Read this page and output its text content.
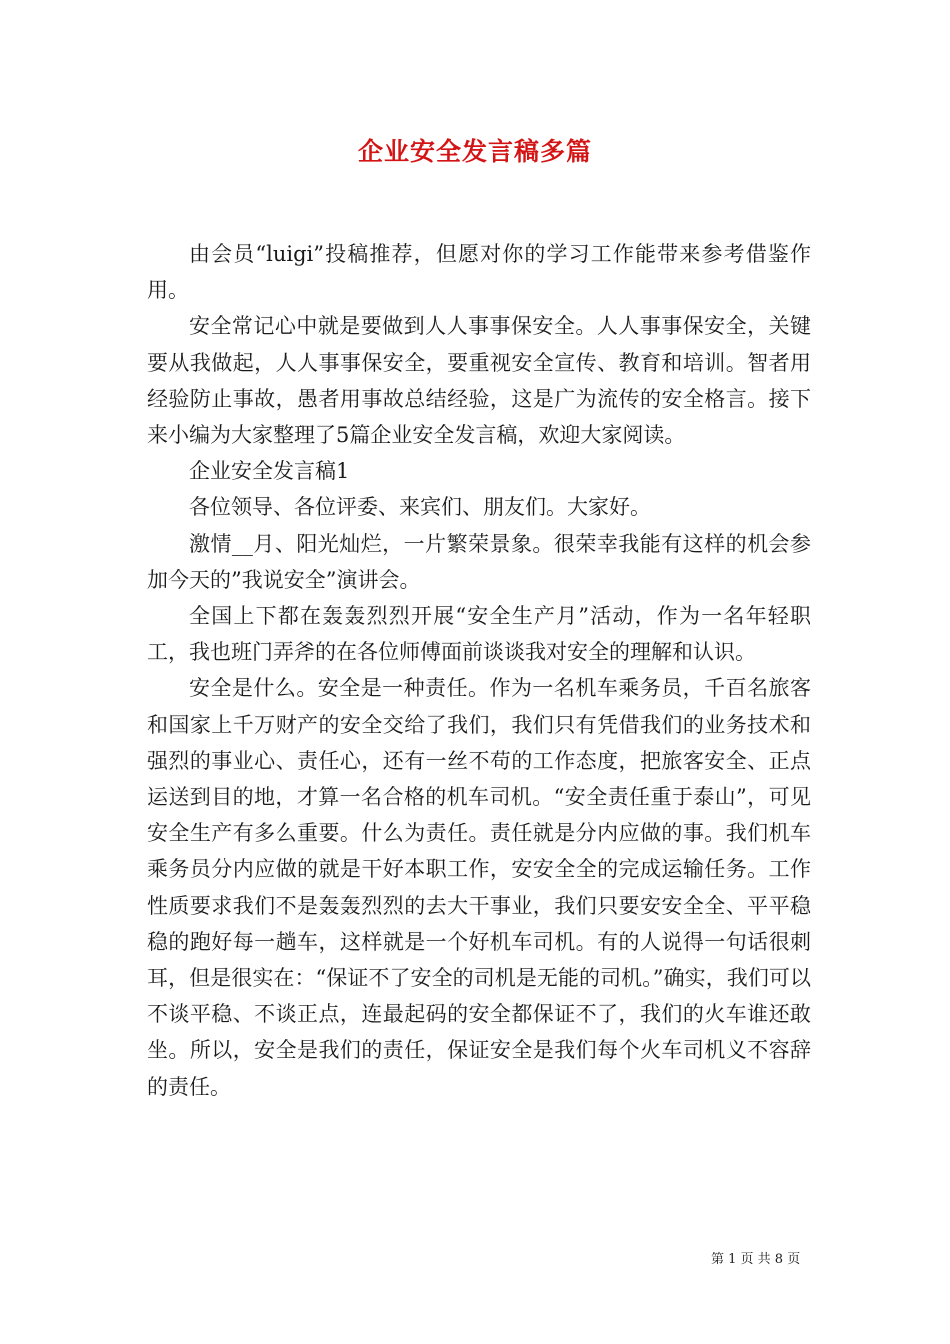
企业安全发言稿多篇

由会员“luigi”投稿推荐，但愿对你的学习工作能带来参考借鉴作用。

安全常记心中就是要做到人人事事保安全。人人事事保安全，关键要从我做起，人人事事保安全，要重视安全宣传、教育和培训。智者用经验防止事故，愚者用事故总结经验，这是广为流传的安全格言。接下来小编为大家整理了5篇企业安全发言稿，欢迎大家阅读。

企业安全发言稿1

各位领导、各位评委、来宾们、朋友们。大家好。

激情__月、阳光灿烂，一片繁荣景象。很荣幸我能有这样的机会参加今天的”我说安全”演讲会。

全国上下都在轰轰烈烈开展“安全生产月”活动，作为一名年轻职工，我也班门弄斧的在各位师傅面前谈谈我对安全的理解和认识。

安全是什么。安全是一种责任。作为一名机车乘务员，千百名旅客和国家上千万财产的安全交给了我们，我们只有凭借我们的业务技术和强烈的事业心、责任心，还有一丝不苟的工作态度，把旅客安全、正点运送到目的地，才算一名合格的机车司机。“安全责任重于泰山”，可见安全生产有多么重要。什么为责任。责任就是分内应做的事。我们机车乘务员分内应做的就是干好本职工作，安安全全的完成运输任务。工作性质要求我们不是轰轰烈烈的去大干事业，我们只要安安全全、平平稳稳的跑好每一趟车，这样就是一个好机车司机。有的人说得一句话很刺耳，但是很实在：“保证不了安全的司机是无能的司机。”确实，我们可以不谈平稳、不谈正点，连最起码的安全都保证不了，我们的火车谁还敢坐。所以，安全是我们的责任，保证安全是我们每个火车司机义不容辞的责任。

第 1 页 共 8 页
